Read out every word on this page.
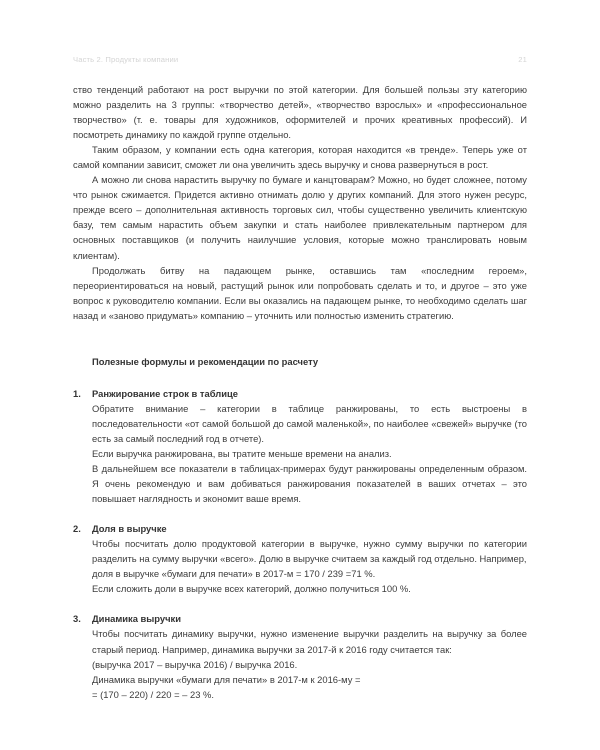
Часть 2. Продукты компании	21

ство тенденций работают на рост выручки по этой категории. Для большей пользы эту категорию можно разделить на 3 группы: «творчество детей», «творчество взрослых» и «профессиональное творчество» (т. е. товары для художников, оформителей и прочих креативных профессий). И посмотреть динамику по каждой группе отдельно.

Таким образом, у компании есть одна категория, которая находится «в тренде». Теперь уже от самой компании зависит, сможет ли она увеличить здесь выручку и снова развернуться в рост.

А можно ли снова нарастить выручку по бумаге и канцтоварам? Можно, но будет сложнее, потому что рынок сжимается. Придется активно отнимать долю у других компаний. Для этого нужен ресурс, прежде всего – дополнительная активность торговых сил, чтобы существенно увеличить клиентскую базу, тем самым нарастить объем закупки и стать наиболее привлекательным партнером для основных поставщиков (и получить наилучшие условия, которые можно транслировать новым клиентам).

Продолжать битву на падающем рынке, оставшись там «последним героем», переориентироваться на новый, растущий рынок или попробовать сделать и то, и другое – это уже вопрос к руководителю компании. Если вы оказались на падающем рынке, то необходимо сделать шаг назад и «заново придумать» компанию – уточнить или полностью изменить стратегию.

Полезные формулы и рекомендации по расчету

1.	Ранжирование строк в таблице

Обратите внимание – категории в таблице ранжированы, то есть выстроены в последовательности «от самой большой до самой маленькой», по наиболее «свежей» выручке (то есть за самый последний год в отчете).

Если выручка ранжирована, вы тратите меньше времени на анализ.

В дальнейшем все показатели в таблицах-примерах будут ранжированы определенным образом. Я очень рекомендую и вам добиваться ранжирования показателей в ваших отчетах – это повышает наглядность и экономит ваше время.

2.	Доля в выручке

Чтобы посчитать долю продуктовой категории в выручке, нужно сумму выручки по категории разделить на сумму выручки «всего». Долю в выручке считаем за каждый год отдельно. Например,

доля в выручке «бумаги для печати» в 2017-м = 170 / 239 =71 %.

Если сложить доли в выручке всех категорий, должно получиться 100 %.

3.	Динамика выручки

Чтобы посчитать динамику выручки, нужно изменение выручки разделить на выручку за более старый период. Например, динамика выручки за 2017-й к 2016 году считается так:

(выручка 2017 – выручка 2016) / выручка 2016.

Динамика выручки «бумаги для печати» в 2017-м к 2016-му =

= (170 – 220) / 220 = – 23 %.
